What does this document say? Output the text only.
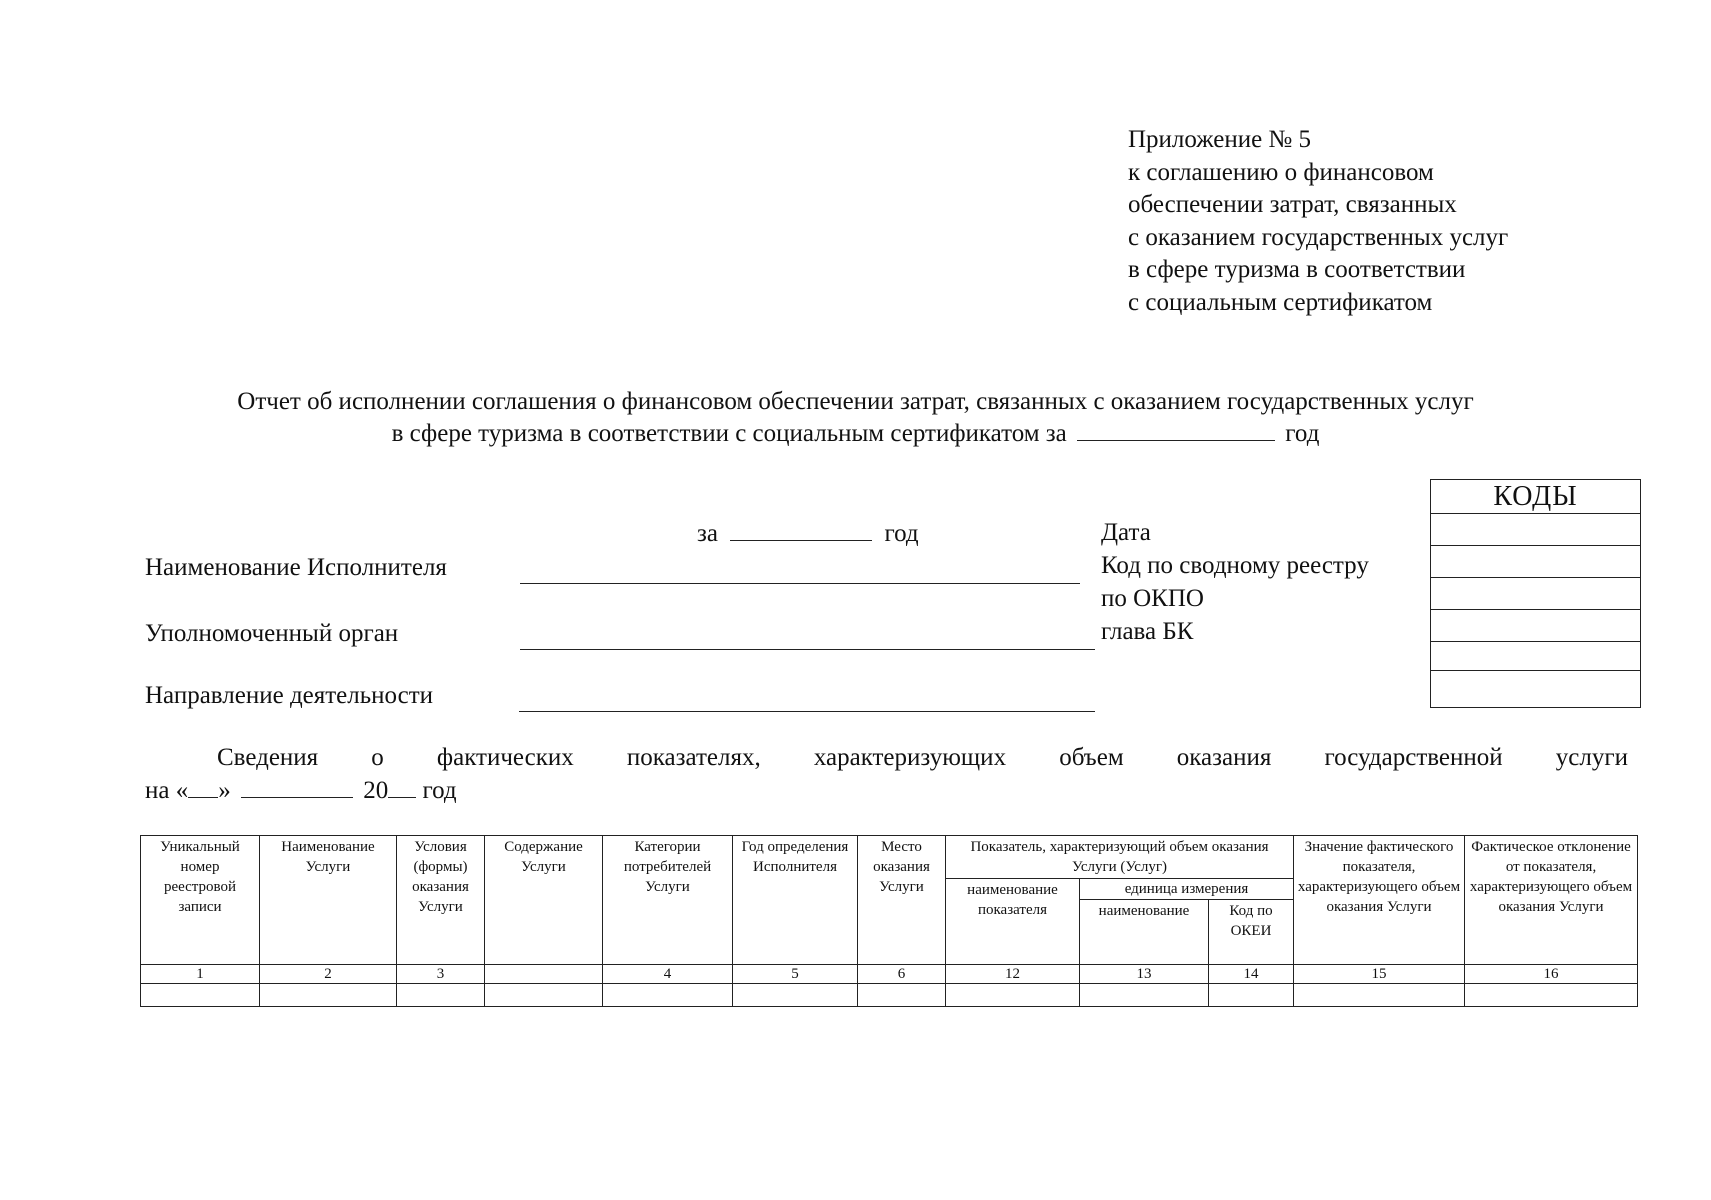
Приложение № 5
к соглашению о финансовом
обеспечении затрат, связанных
с оказанием государственных услуг
в сфере туризма в соответствии
с социальным сертификатом
Отчет об исполнении соглашения о финансовом обеспечении затрат, связанных с оказанием государственных услуг
в сфере туризма в соответствии с социальным сертификатом за	год
за	год
Наименование Исполнителя
Уполномоченный орган
Направление деятельности
Дата
Код по сводному реестру
по ОКПО
глава БК
КОДЫ
Сведения о фактических показателях, характеризующих объем оказания государственной услуги
на « »	20 год
Уникальный номер реестровой записи	Наименование Услуги	Условия (формы) оказания Услуги	Содержание Услуги	Категории потребителей Услуги	Год определения Исполнителя	Место оказания Услуги	Показатель, характеризующий объем оказания Услуги (Услуг)			Значение фактического показателя, характеризующего объем оказания Услуги	Фактическое отклонение от показателя, характеризующего объем оказания Услуги
							наименование показателя	единица измерения			
								наименование	Код по ОКЕИ		
1	2	3		4	5	6	12	13	14	15	16
